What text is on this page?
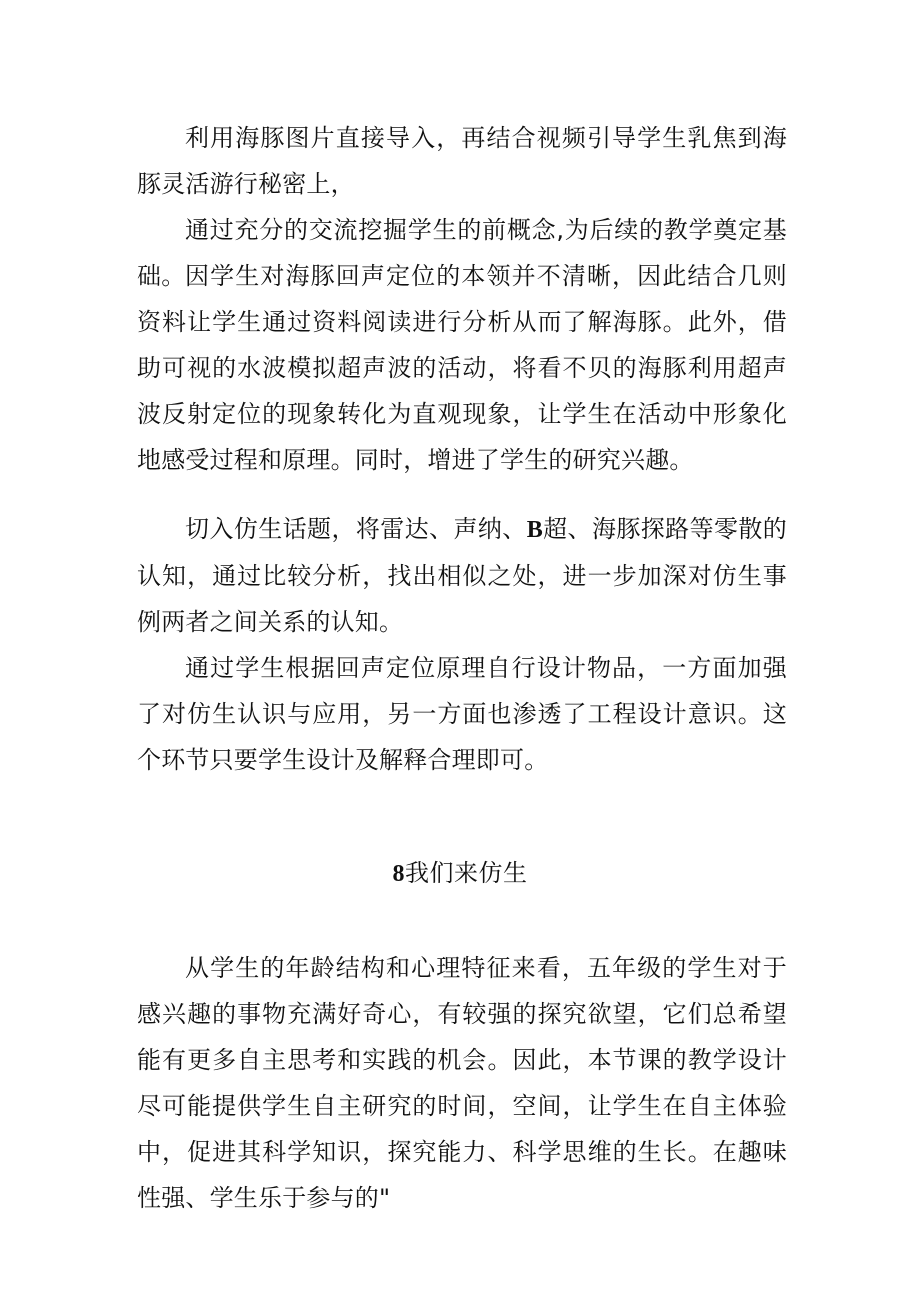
利用海豚图片直接导入，再结合视频引导学生乳焦到海豚灵活游行秘密上，

通过充分的交流挖掘学生的前概念,为后续的教学奠定基础。 因学生对海豚回声定位的本领并不清晰，因此结合几则资料让学生通过资料阅读进行分析从而了解海豚。此外，借助可视的水波模拟超声波的活动，将看不贝的海豚利用超声波反射定位的现象转化为直观现象，让学生在活动中形象化地感受过程和原理。同时，增进了学生的研究兴趣。

切入仿生话题，将雷达、声纳、B超、海豚探路等零散的认知，通过比较分析，找出相似之处，进一步加深对仿生事例两者之间关系的认知。

通过学生根据回声定位原理自行设计物品，一方面加强了对仿生认识与应用，另一方面也渗透了工程设计意识。这个环节只要学生设计及解释合理即可。

8我们来仿生

从学生的年龄结构和心理特征来看，五年级的学生对于感兴趣的事物充满好奇心，有较强的探究欲望，它们总希望能有更多自主思考和实践的机会。因此，本节课的教学设计尽可能提供学生自主研究的时间，空间，让学生在自主体验中，促进其科学知识，探究能力、科学思维的生长。在趣味性强、学生乐于参与的"
